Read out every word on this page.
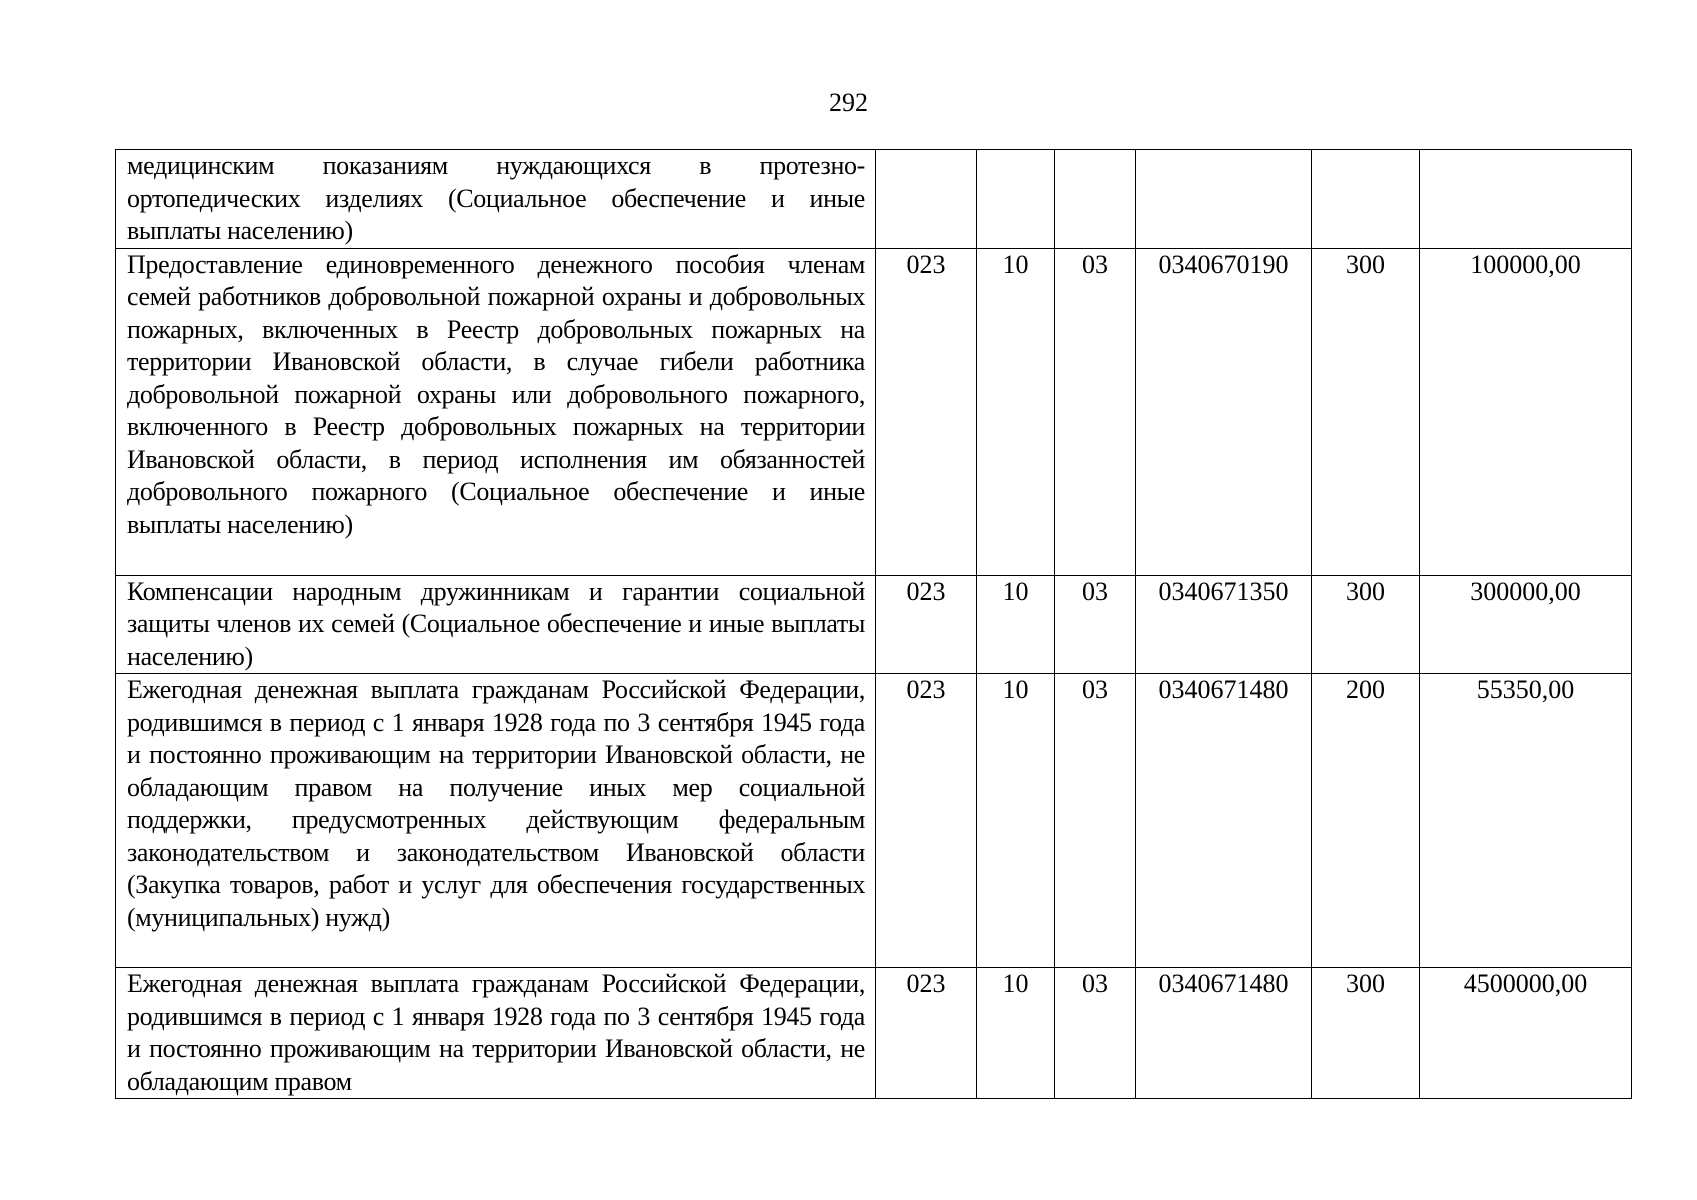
292
медицинским показаниям нуждающихся в протезно-ортопедических изделиях (Социальное обеспечение и иные выплаты населению)						
Предоставление единовременного денежного пособия членам семей работников добровольной пожарной охраны и добровольных пожарных, включенных в Реестр добровольных пожарных на территории Ивановской области, в случае гибели работника добровольной пожарной охраны или добровольного пожарного, включенного в Реестр добровольных пожарных на территории Ивановской области, в период исполнения им обязанностей добровольного пожарного (Социальное обеспечение и иные выплаты населению)	023	10	03	0340670190	300	100000,00
Компенсации народным дружинникам и гарантии социальной защиты членов их семей (Социальное обеспечение и иные выплаты населению)	023	10	03	0340671350	300	300000,00
Ежегодная денежная выплата гражданам Российской Федерации, родившимся в период с 1 января 1928 года по 3 сентября 1945 года и постоянно проживающим на территории Ивановской области, не обладающим правом на получение иных мер социальной поддержки, предусмотренных действующим федеральным законодательством и законодательством Ивановской области (Закупка товаров, работ и услуг для обеспечения государственных (муниципальных) нужд)	023	10	03	0340671480	200	55350,00
Ежегодная денежная выплата гражданам Российской Федерации, родившимся в период с 1 января 1928 года по 3 сентября 1945 года и постоянно проживающим на территории Ивановской области, не обладающим правом	023	10	03	0340671480	300	4500000,00
